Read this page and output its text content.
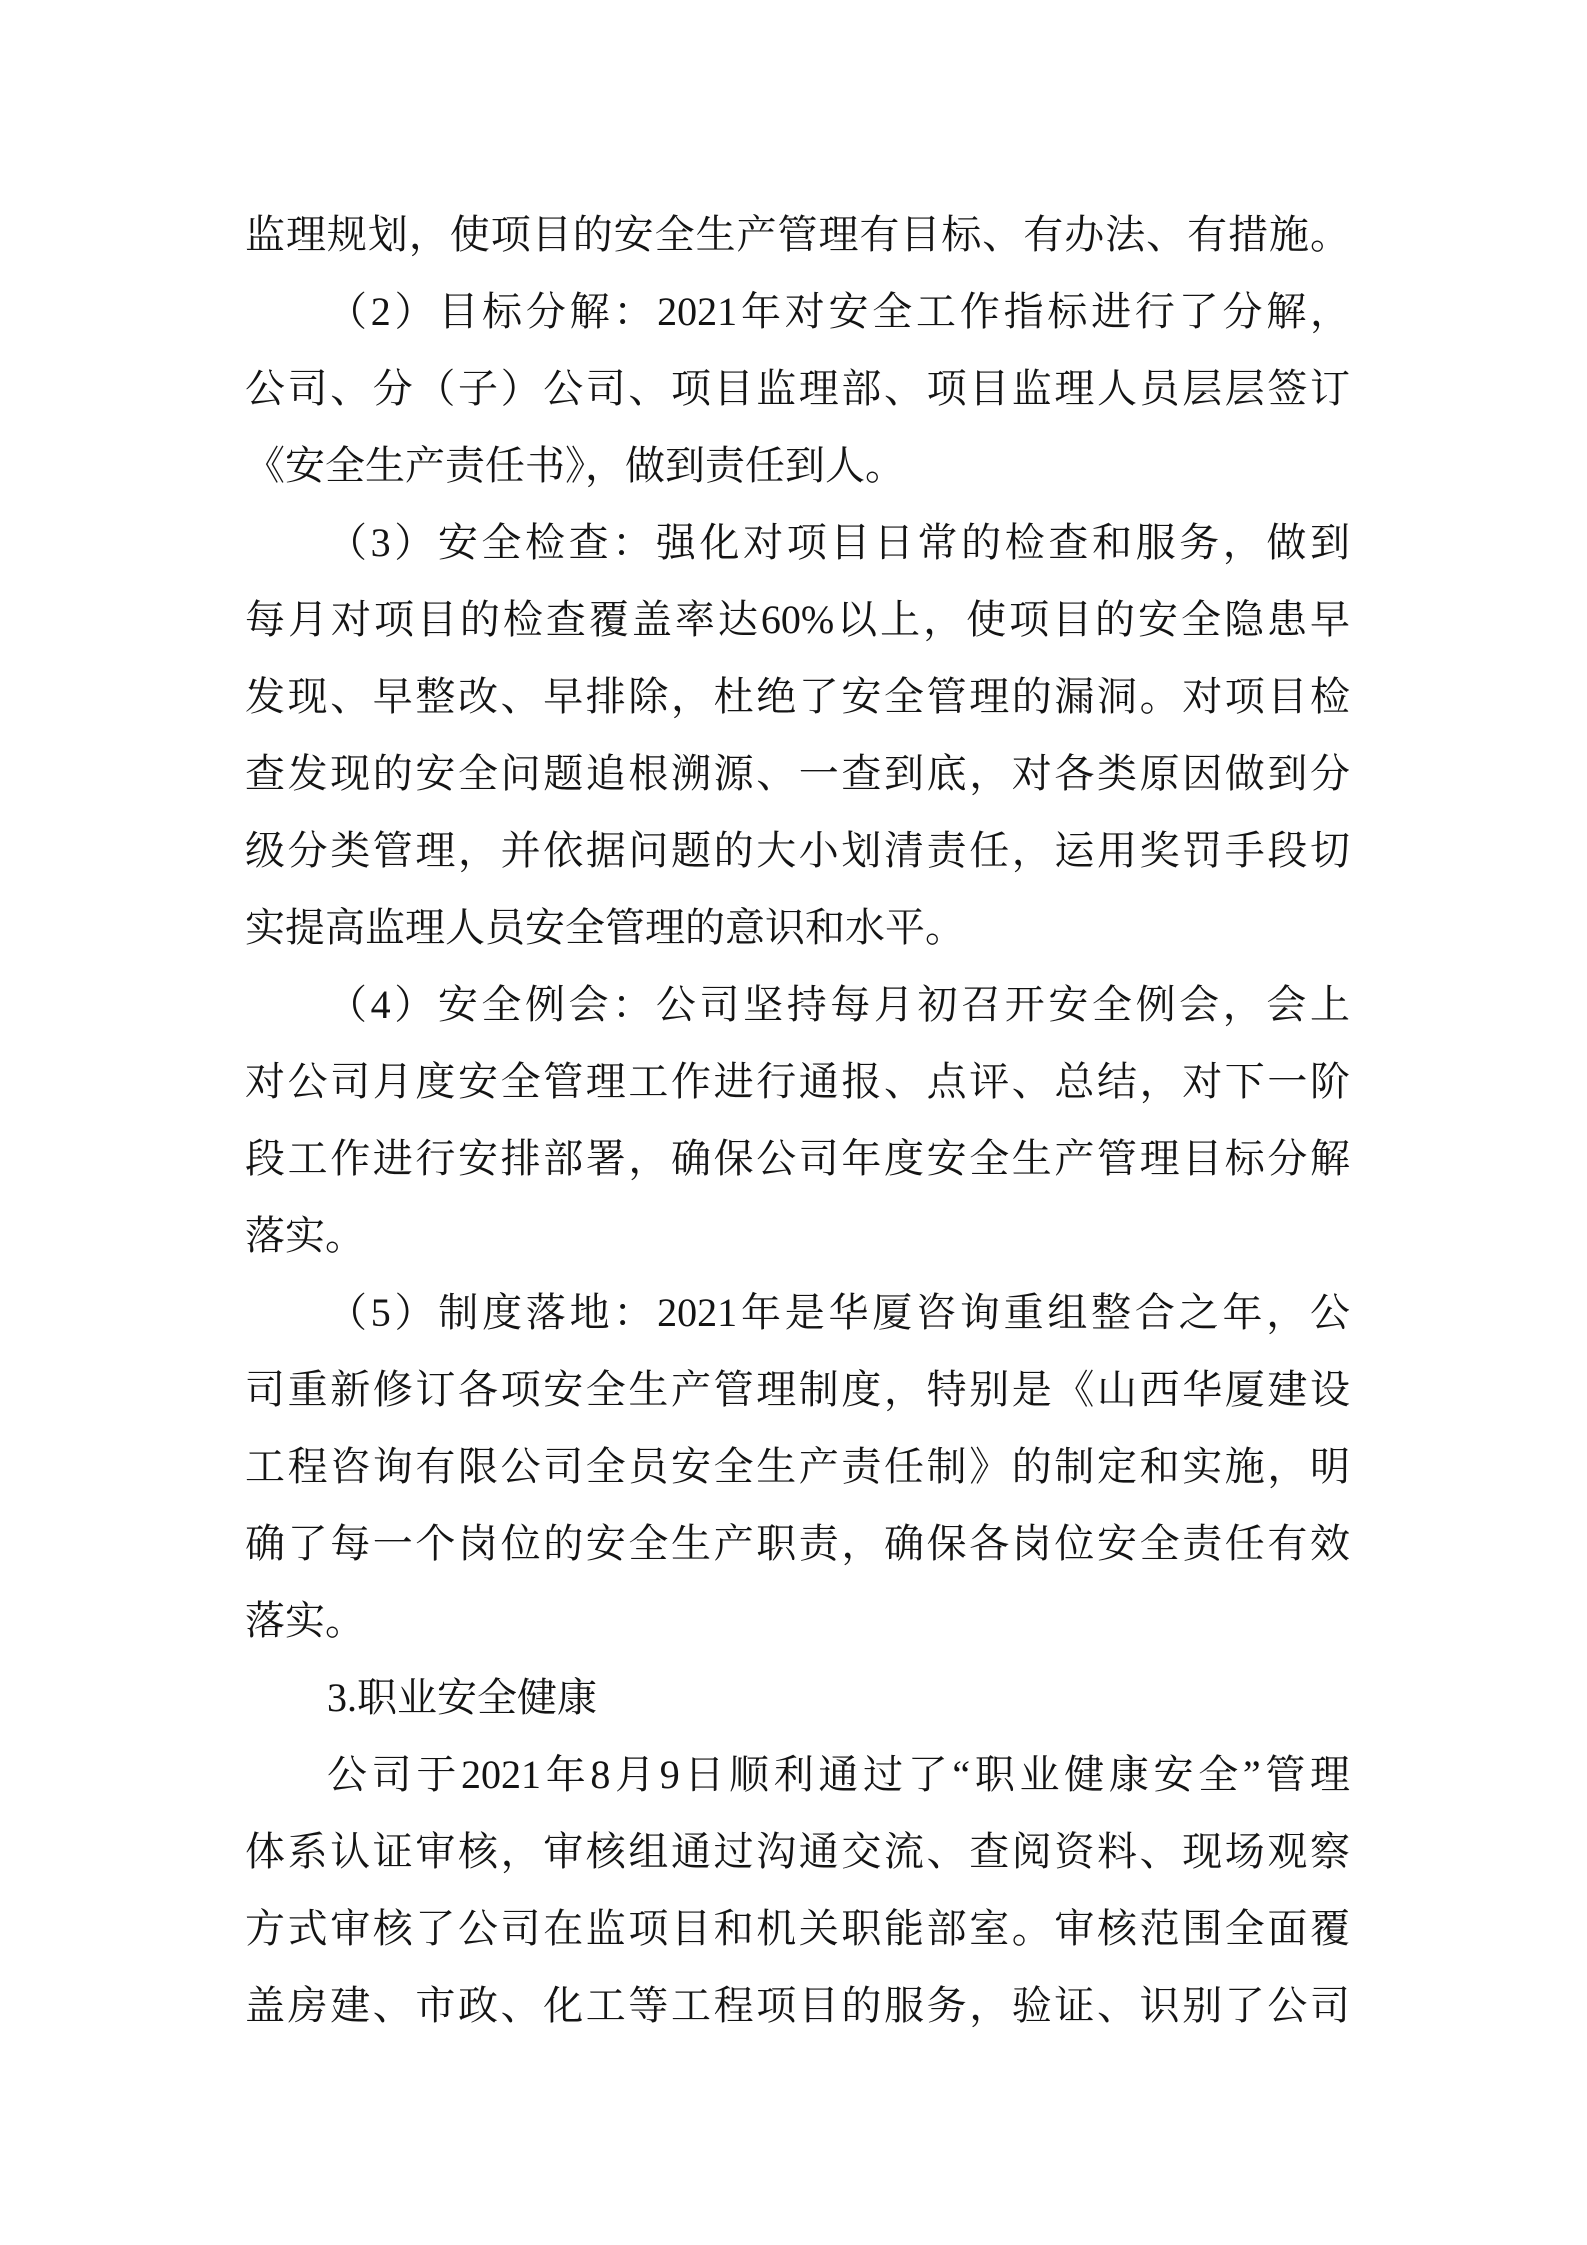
监理规划，使项目的安全生产管理有目标、有办法、有措施。
（2）目标分解：2021年对安全工作指标进行了分解，
公司、分（子）公司、项目监理部、项目监理人员层层签订
《安全生产责任书》，做到责任到人。
（3）安全检查：强化对项目日常的检查和服务，做到
每月对项目的检查覆盖率达60%以上，使项目的安全隐患早
发现、早整改、早排除，杜绝了安全管理的漏洞。对项目检
查发现的安全问题追根溯源、一查到底，对各类原因做到分
级分类管理，并依据问题的大小划清责任，运用奖罚手段切
实提高监理人员安全管理的意识和水平。
（4）安全例会：公司坚持每月初召开安全例会，会上
对公司月度安全管理工作进行通报、点评、总结，对下一阶
段工作进行安排部署，确保公司年度安全生产管理目标分解
落实。
（5）制度落地：2021年是华厦咨询重组整合之年，公
司重新修订各项安全生产管理制度，特别是《山西华厦建设
工程咨询有限公司全员安全生产责任制》的制定和实施，明
确了每一个岗位的安全生产职责，确保各岗位安全责任有效
落实。
3.职业安全健康
公司于2021年8月9日顺利通过了“职业健康安全”管理
体系认证审核，审核组通过沟通交流、查阅资料、现场观察
方式审核了公司在监项目和机关职能部室。审核范围全面覆
盖房建、市政、化工等工程项目的服务，验证、识别了公司
